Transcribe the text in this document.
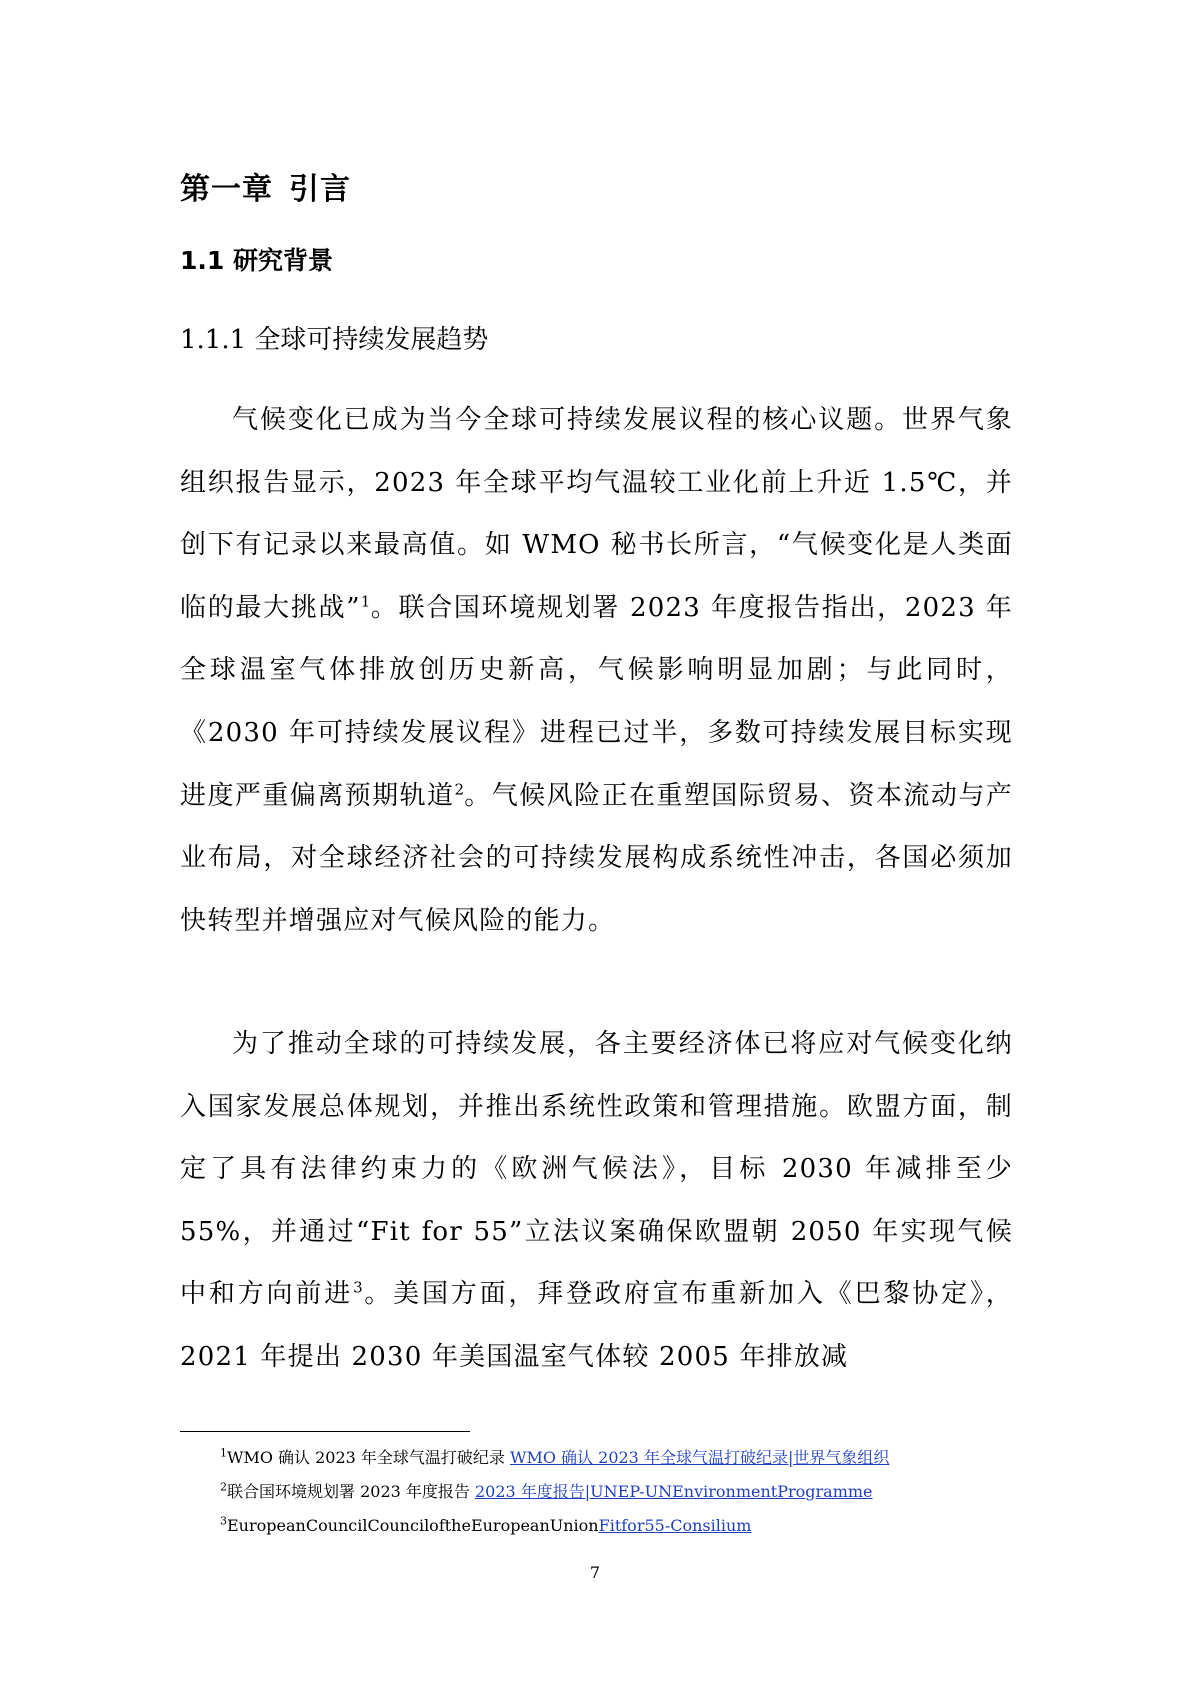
第一章 引言
1.1 研究背景
1.1.1 全球可持续发展趋势

气候变化已成为当今全球可持续发展议程的核心议题。世界气象组织报告显示，2023 年全球平均气温较工业化前上升近 1.5℃，并创下有记录以来最高值。如 WMO 秘书长所言，“气候变化是人类面临的最大挑战”$^1$。联合国环境规划署 2023 年度报告指出，2023 年全球温室气体排放创历史新高，气候影响明显加剧；与此同时，《2030 年可持续发展议程》进程已过半，多数可持续发展目标实现进度严重偏离预期轨道$^2$。气候风险正在重塑国际贸易、资本流动与产业布局，对全球经济社会的可持续发展构成系统性冲击，各国必须加快转型并增强应对气候风险的能力。

为了推动全球的可持续发展，各主要经济体已将应对气候变化纳入国家发展总体规划，并推出系统性政策和管理措施。欧盟方面，制定了具有法律约束力的《欧洲气候法》，目标 2030 年减排至少 55%，并通过“Fit for 55”立法议案确保欧盟朝 2050 年实现气候中和方向前进$^3$。美国方面，拜登政府宣布重新加入《巴黎协定》，2021 年提出 2030 年美国温室气体较 2005 年排放减

$^1$WMO 确认 2023 年全球气温打破纪录 WMO 确认 2023 年全球气温打破纪录|世界气象组织
$^2$联合国环境规划署 2023 年度报告 2023 年度报告|UNEP-UNEnvironmentProgramme
$^3$EuropeanCouncilCounciloftheEuropeanUnionFitfor55-Consilium
7
